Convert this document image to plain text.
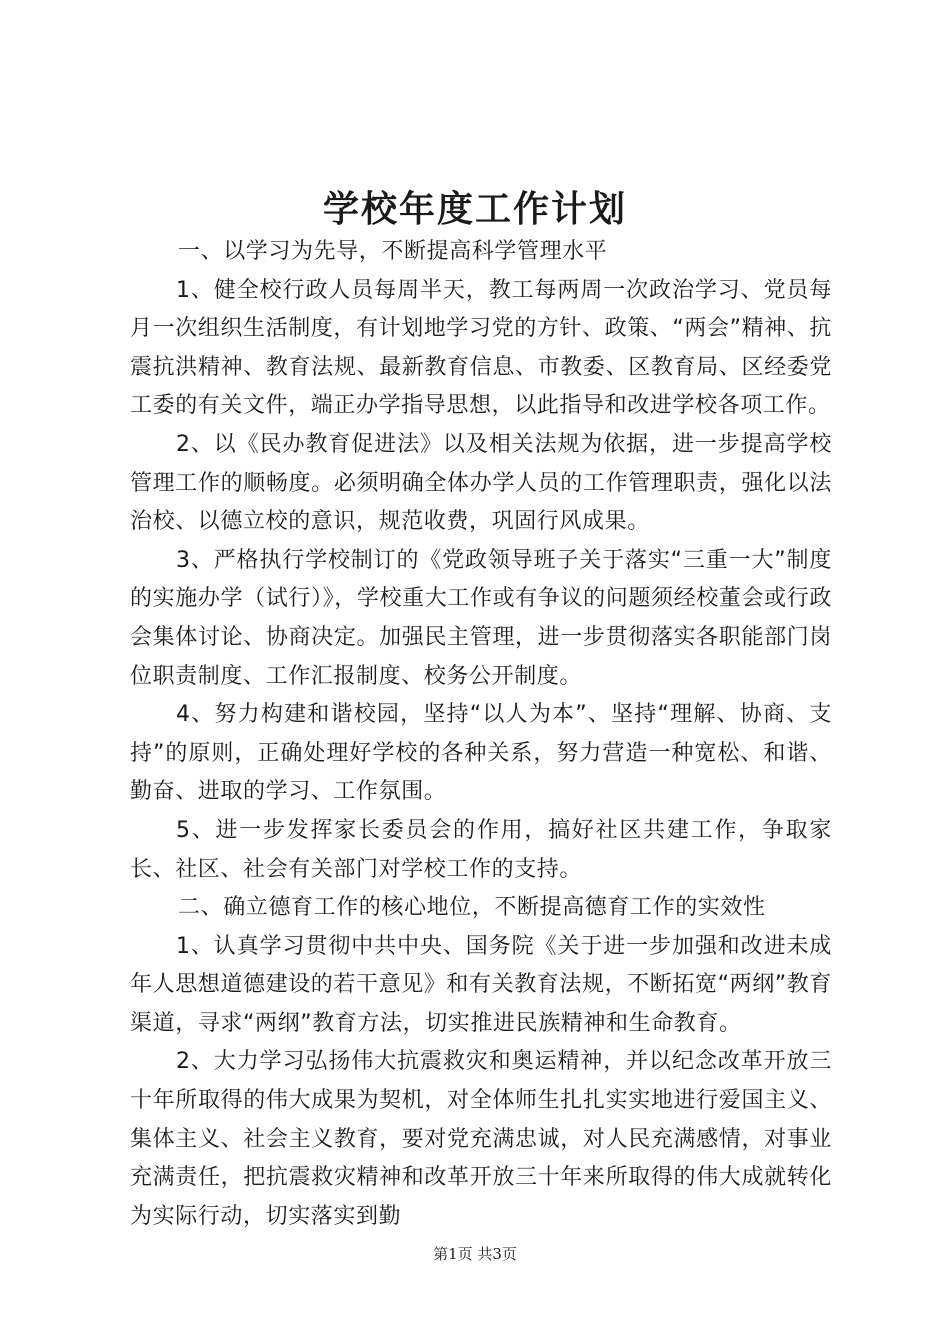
学校年度工作计划

一、以学习为先导，不断提高科学管理水平

1、健全校行政人员每周半天，教工每两周一次政治学习、党员每月一次组织生活制度，有计划地学习党的方针、政策、“两会”精神、抗震抗洪精神、教育法规、最新教育信息、市教委、区教育局、区经委党工委的有关文件，端正办学指导思想，以此指导和改进学校各项工作。

2、以《民办教育促进法》以及相关法规为依据，进一步提高学校管理工作的顺畅度。必须明确全体办学人员的工作管理职责，强化以法治校、以德立校的意识，规范收费，巩固行风成果。

3、严格执行学校制订的《党政领导班子关于落实“三重一大”制度的实施办学（试行）》，学校重大工作或有争议的问题须经校董会或行政会集体讨论、协商决定。加强民主管理，进一步贯彻落实各职能部门岗位职责制度、工作汇报制度、校务公开制度。

4、努力构建和谐校园，坚持“以人为本”、坚持“理解、协商、支持”的原则，正确处理好学校的各种关系，努力营造一种宽松、和谐、勤奋、进取的学习、工作氛围。

5、进一步发挥家长委员会的作用，搞好社区共建工作，争取家长、社区、社会有关部门对学校工作的支持。

二、确立德育工作的核心地位，不断提高德育工作的实效性

1、认真学习贯彻中共中央、国务院《关于进一步加强和改进未成年人思想道德建设的若干意见》和有关教育法规，不断拓宽“两纲”教育渠道，寻求“两纲”教育方法，切实推进民族精神和生命教育。

2、大力学习弘扬伟大抗震救灾和奥运精神，并以纪念改革开放三十年所取得的伟大成果为契机，对全体师生扎扎实实地进行爱国主义、集体主义、社会主义教育，要对党充满忠诚，对人民充满感情，对事业充满责任，把抗震救灾精神和改革开放三十年来所取得的伟大成就转化为实际行动，切实落实到勤

第1页 共3页
